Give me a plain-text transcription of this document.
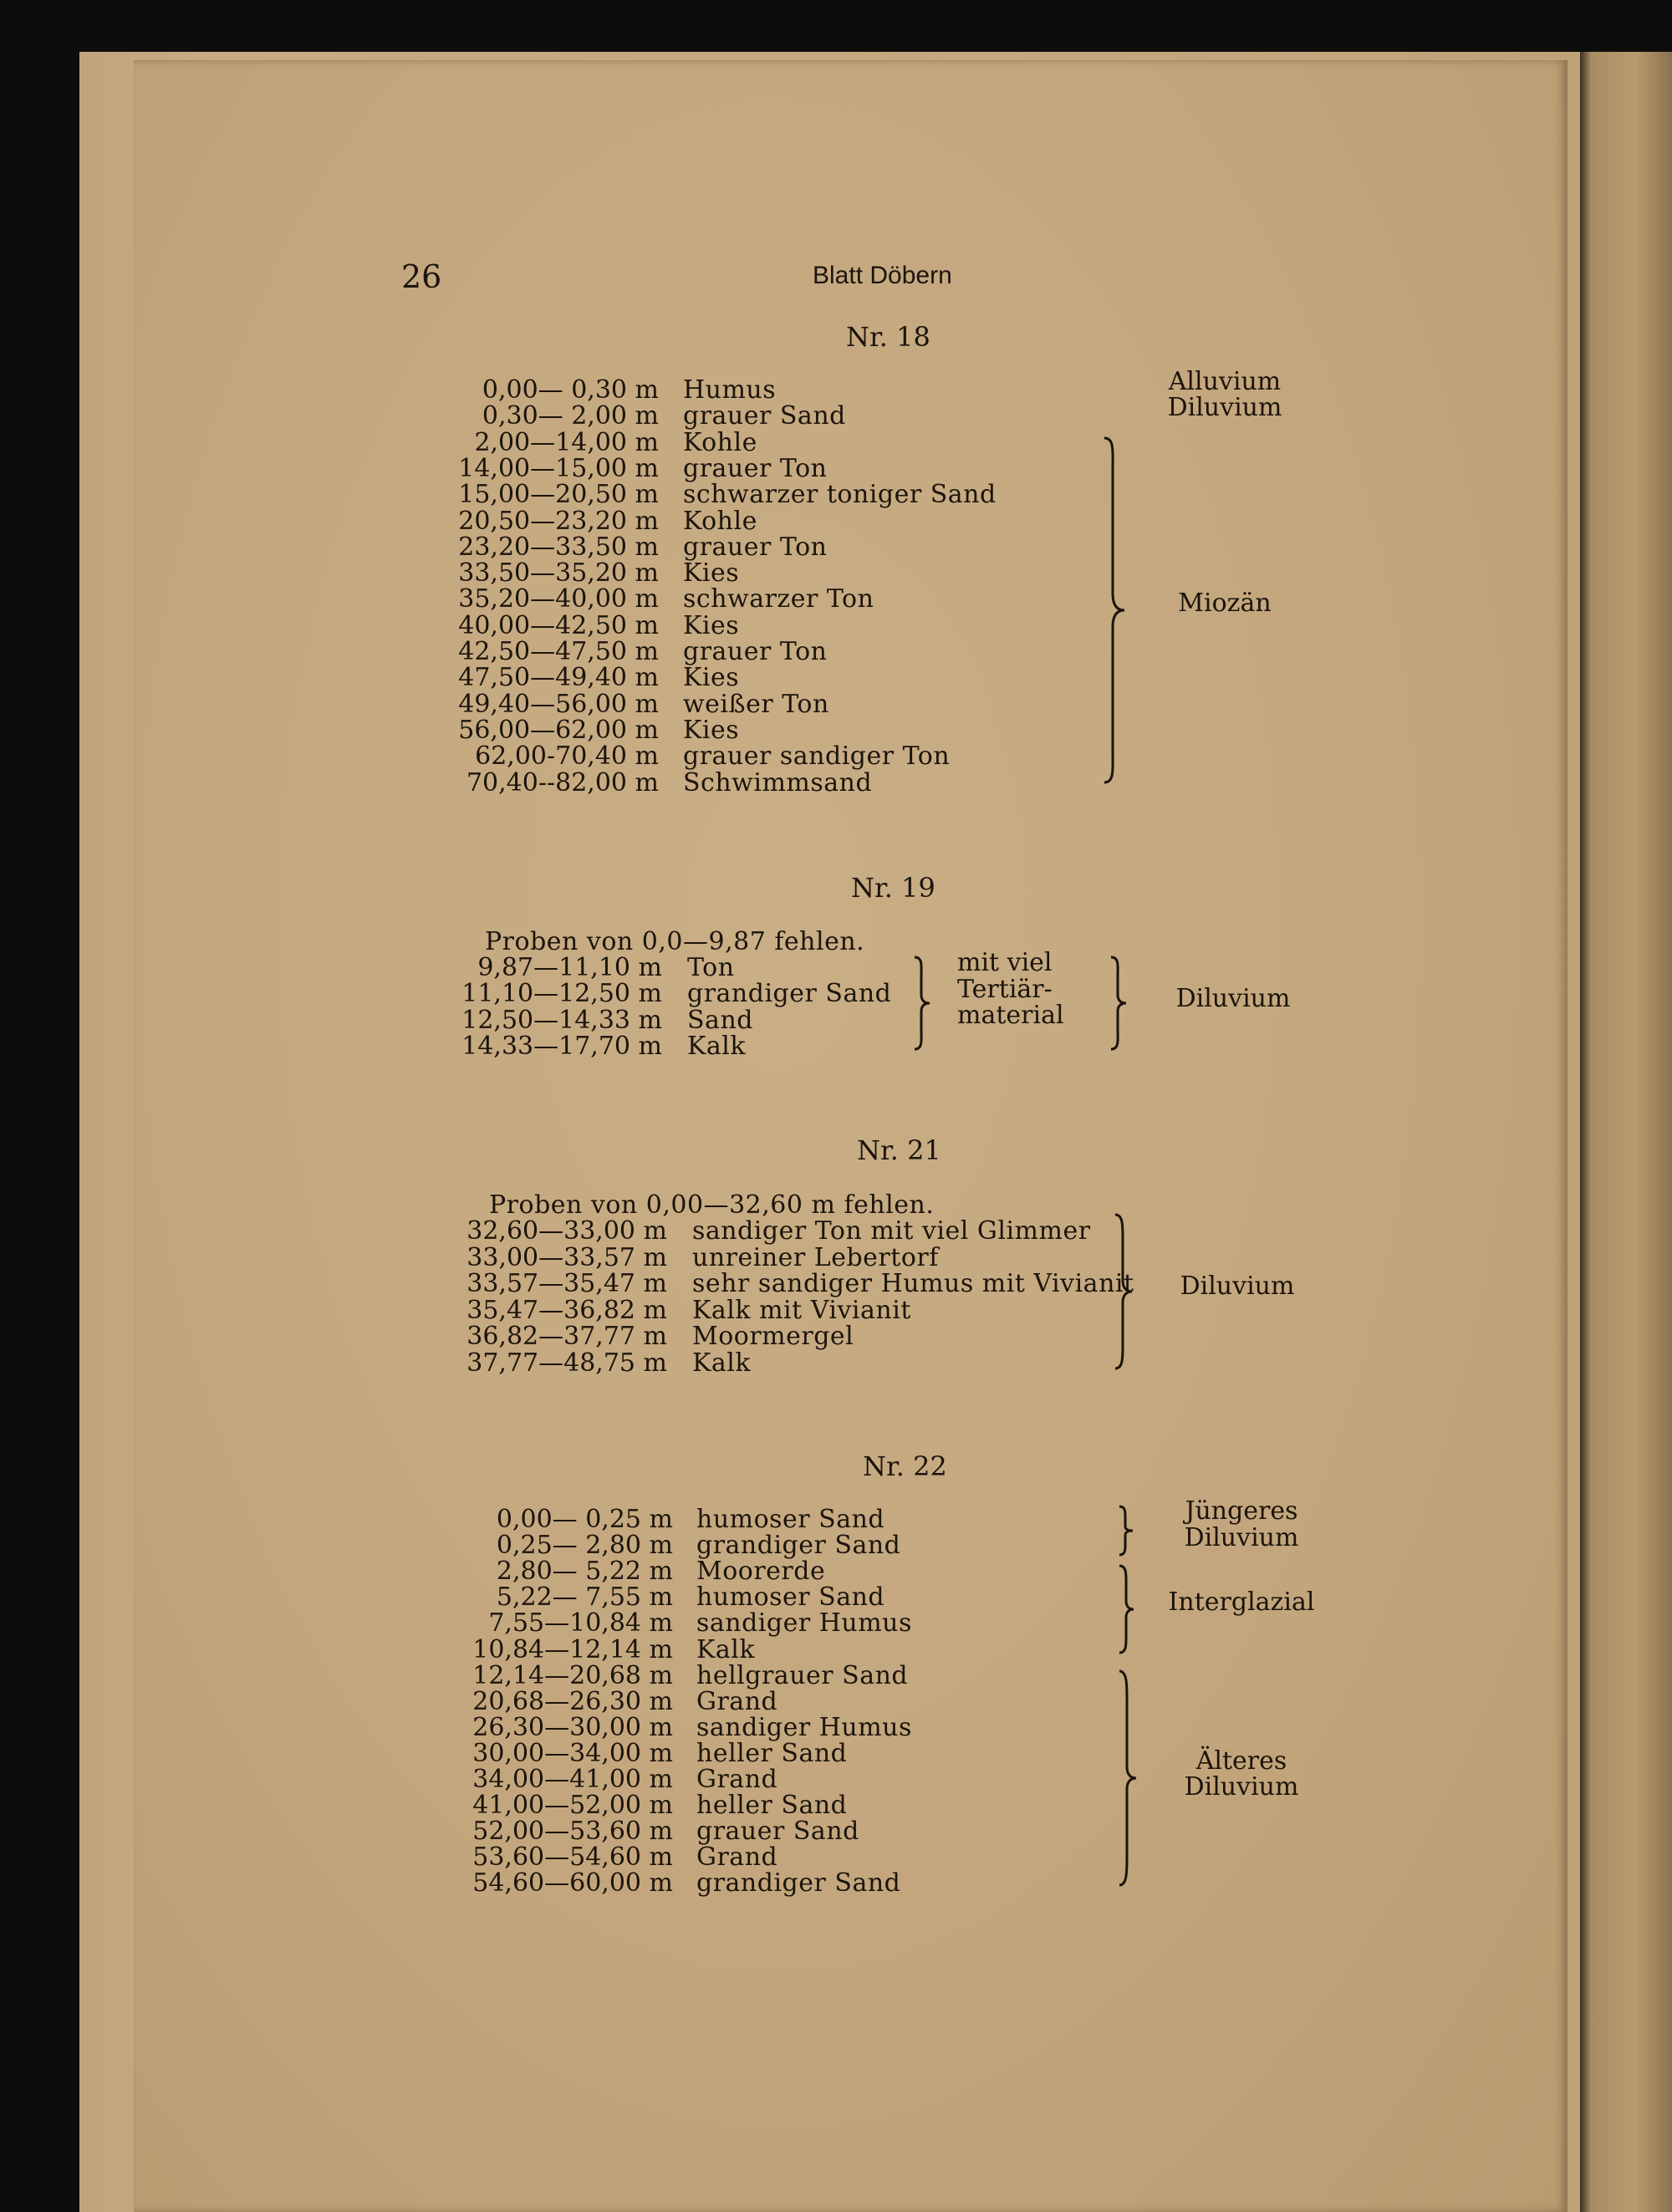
26	Blatt Döbern
Nr. 18
0,00— 0,30 m Humus
0,30— 2,00 m grauer Sand
2,00—14,00 m Kohle
14,00—15,00 m grauer Ton
15,00—20,50 m schwarzer toniger Sand
20,50—23,20 m Kohle
23,20—33,50 m grauer Ton
33,50—35,20 m Kies
35,20—40,00 m schwarzer Ton
40,00—42,50 m Kies
42,50—47,50 m grauer Ton
47,50—49,40 m Kies
49,40—56,00 m weißer Ton
56,00—62,00 m Kies
62,00-70,40 m grauer sandiger Ton
70,40--82,00 m Schwimmsand
Alluvium
Diluvium
Miozän
Nr. 19
Proben von 0,0—9,87 fehlen.
9,87—11,10 m Ton
11,10—12,50 m grandiger Sand
12,50—14,33 m Sand
14,33—17,70 m Kalk
mit viel
Tertiär-
material
Diluvium
Nr. 21
Proben von 0,00—32,60 m fehlen.
32,60—33,00 m sandiger Ton mit viel Glimmer
33,00—33,57 m unreiner Lebertorf
33,57—35,47 m sehr sandiger Humus mit Vivianit
35,47—36,82 m Kalk mit Vivianit
36,82—37,77 m Moormergel
37,77—48,75 m Kalk
Diluvium
Nr. 22
0,00— 0,25 m humoser Sand
0,25— 2,80 m grandiger Sand
2,80— 5,22 m Moorerde
5,22— 7,55 m humoser Sand
7,55—10,84 m sandiger Humus
10,84—12,14 m Kalk
12,14—20,68 m hellgrauer Sand
20,68—26,30 m Grand
26,30—30,00 m sandiger Humus
30,00—34,00 m heller Sand
34,00—41,00 m Grand
41,00—52,00 m heller Sand
52,00—53,60 m grauer Sand
53,60—54,60 m Grand
54,60—60,00 m grandiger Sand
Jüngeres
Diluvium
Interglazial
Älteres
Diluvium
